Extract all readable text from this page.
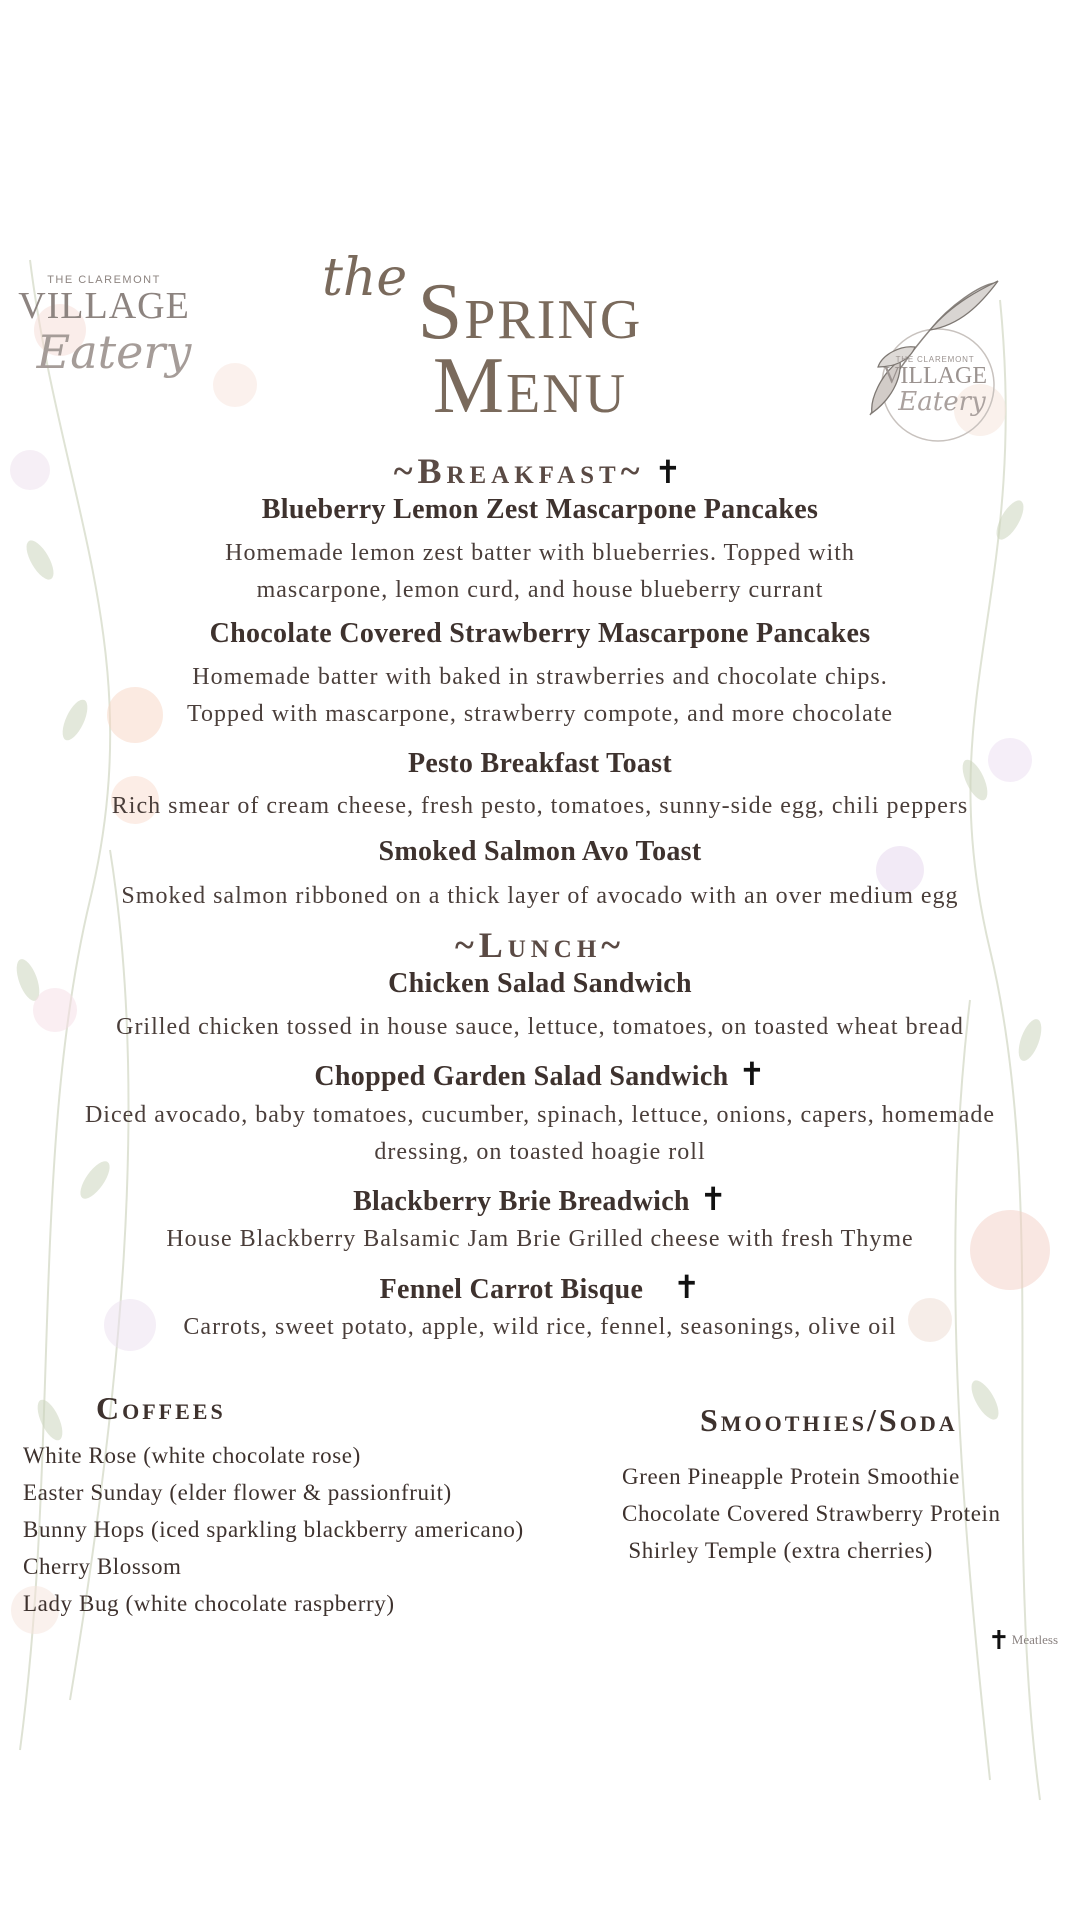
THE CLAREMONT
VILLAGE
Eatery	THE CLAREMONT
VILLAGE
Eatery
the Spring
Menu
~Breakfast~ ✝
Blueberry Lemon Zest Mascarpone Pancakes
Homemade lemon zest batter with blueberries. Topped with
mascarpone, lemon curd, and house blueberry currant
Chocolate Covered Strawberry Mascarpone Pancakes
Homemade batter with baked in strawberries and chocolate chips.
Topped with mascarpone, strawberry compote, and more chocolate
Pesto Breakfast Toast
Rich smear of cream cheese, fresh pesto, tomatoes, sunny-side egg, chili peppers
Smoked Salmon Avo Toast
Smoked salmon ribboned on a thick layer of avocado with an over medium egg
~Lunch~
Chicken Salad Sandwich
Grilled chicken tossed in house sauce, lettuce, tomatoes, on toasted wheat bread
Chopped Garden Salad Sandwich ✝
Diced avocado, baby tomatoes, cucumber, spinach, lettuce, onions, capers, homemade
dressing, on toasted hoagie roll
Blackberry Brie Breadwich ✝
House Blackberry Balsamic Jam Brie Grilled cheese with fresh Thyme
Fennel Carrot Bisque ✝
Carrots, sweet potato, apple, wild rice, fennel, seasonings, olive oil
Coffees
White Rose (white chocolate rose)
Easter Sunday (elder flower & passionfruit)
Bunny Hops (iced sparkling blackberry americano)
Cherry Blossom
Lady Bug (white chocolate raspberry)
Smoothies/Soda
Green Pineapple Protein Smoothie
Chocolate Covered Strawberry Protein
Shirley Temple (extra cherries)
✝ Meatless
